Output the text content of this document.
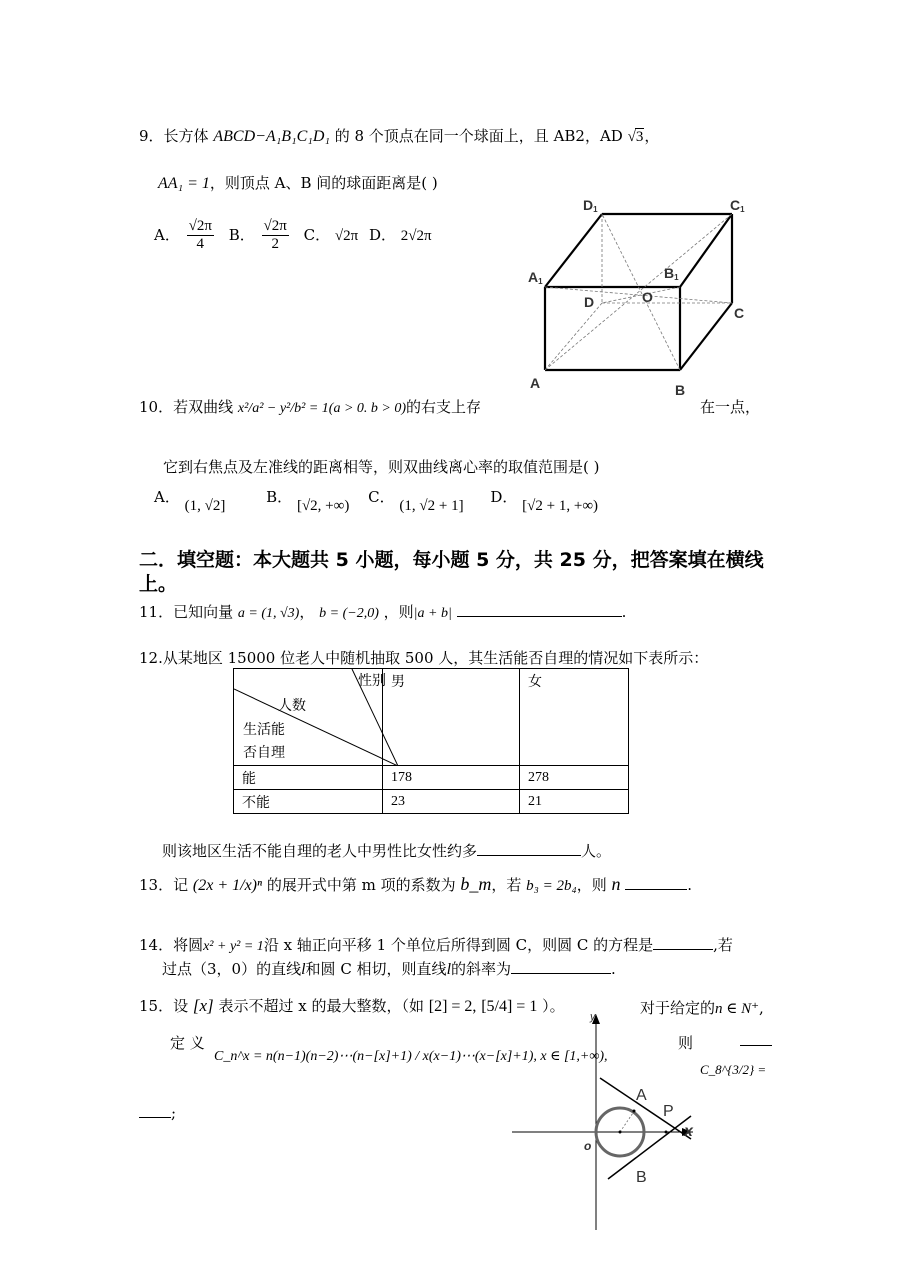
9．长方体 ABCD−A₁B₁C₁D₁ 的 8 个顶点在同一个球面上，且 AB2，AD √3，
AA₁ = 1，则顶点 A、B 间的球面距离是( )
A． $\frac{√2\pi}{4}$ B． $\frac{√2\pi}{2}$ C． √2π D． 2√2π
D1	C1
A1
B1
D	O
C
A	B
10．若双曲线 x²/a² − y²/b² = 1(a > 0. b > 0)的右支上存	在一点，
它到右焦点及左准线的距离相等，则双曲线离心率的取值范围是( )
A． (1, √2]	B． [√2, +∞) C． (1, √2 + 1] D． [√2 + 1, +∞)
二．填空题：本大题共 5 小题，每小题 5 分，共 25 分，把答案填在横线上。
11．已知向量 a = (1, √3)， b = (−2,0) ，则|a + b|	.
12.从某地区 15000 位老人中随机抽取 500 人，其生活能否自理的情况如下表所示：
性别
人数
生活能
否自理	男	女
能	178	278
不能	23	21
则该地区生活不能自理的老人中男性比女性约多	人。
13．记 (2x + 1/x)ⁿ 的展开式中第 m 项的系数为 b_m，若 b₃ = 2b₄，则 n	.
14．将圆x² + y² = 1沿 x 轴正向平移 1 个单位后所得到圆 C，则圆 C 的方程是	,若
过点（3，0）的直线l和圆 C 相切，则直线l的斜率为	.
15．设 [x] 表示不超过 x 的最大整数，（如 [2] = 2, [5/4] = 1 ）。	对于给定的n ∈ N⁺,
定 义
C_n^x = n(n−1)(n−2)⋯(n−[x]+1) / x(x−1)⋯(x−[x]+1), x ∈ [1,+∞),
则
C_8^{3/2} =
;
y
x
o
A
P
B
